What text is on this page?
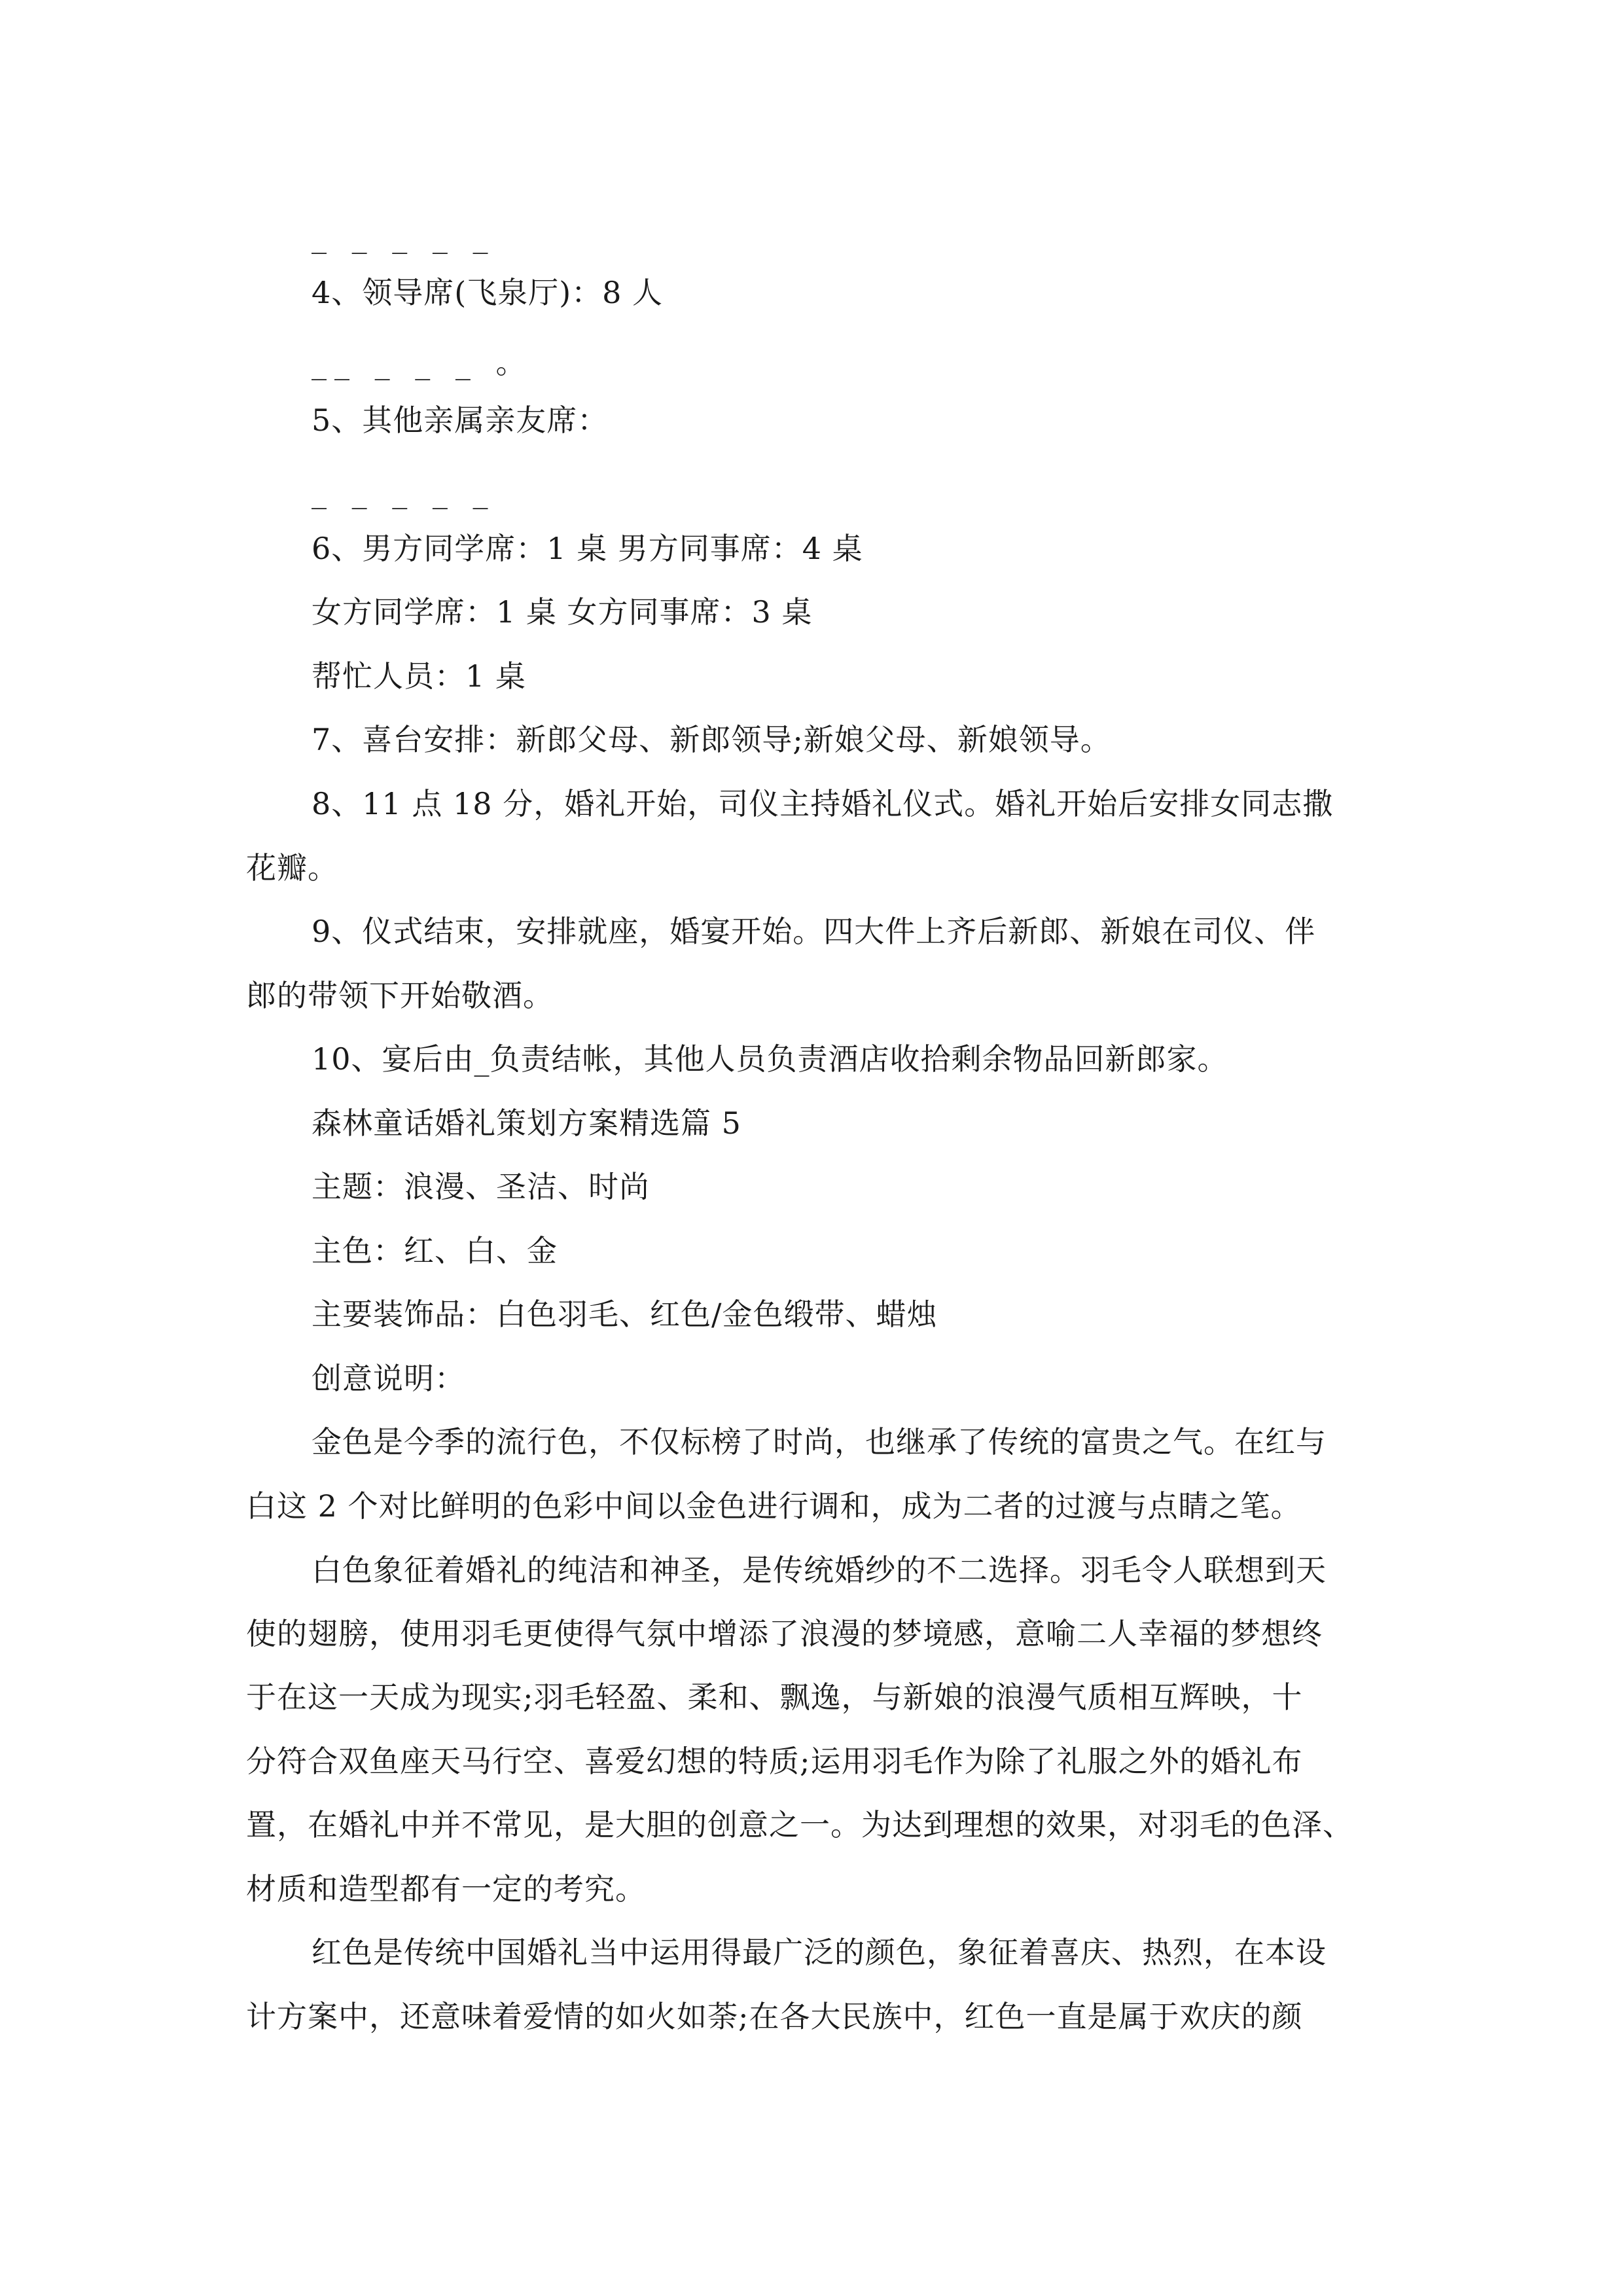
_ _ _ _ _
4、领导席(飞泉厅)：8 人
__ _ _ _ 。
5、其他亲属亲友席：
_ _ _ _ _
6、男方同学席：1 桌 男方同事席：4 桌
女方同学席：1 桌 女方同事席：3 桌
帮忙人员：1 桌
7、喜台安排：新郎父母、新郎领导;新娘父母、新娘领导。
8、11 点 18 分，婚礼开始，司仪主持婚礼仪式。婚礼开始后安排女同志撒
花瓣。
9、仪式结束，安排就座，婚宴开始。四大件上齐后新郎、新娘在司仪、伴
郎的带领下开始敬酒。
10、宴后由_负责结帐，其他人员负责酒店收拾剩余物品回新郎家。
森林童话婚礼策划方案精选篇 5
主题：浪漫、圣洁、时尚
主色：红、白、金
主要装饰品：白色羽毛、红色/金色缎带、蜡烛
创意说明：
金色是今季的流行色，不仅标榜了时尚，也继承了传统的富贵之气。在红与
白这 2 个对比鲜明的色彩中间以金色进行调和，成为二者的过渡与点睛之笔。
白色象征着婚礼的纯洁和神圣，是传统婚纱的不二选择。羽毛令人联想到天
使的翅膀，使用羽毛更使得气氛中增添了浪漫的梦境感，意喻二人幸福的梦想终
于在这一天成为现实;羽毛轻盈、柔和、飘逸，与新娘的浪漫气质相互辉映，十
分符合双鱼座天马行空、喜爱幻想的特质;运用羽毛作为除了礼服之外的婚礼布
置，在婚礼中并不常见，是大胆的创意之一。为达到理想的效果，对羽毛的色泽、
材质和造型都有一定的考究。
红色是传统中国婚礼当中运用得最广泛的颜色，象征着喜庆、热烈，在本设
计方案中，还意味着爱情的如火如荼;在各大民族中，红色一直是属于欢庆的颜
